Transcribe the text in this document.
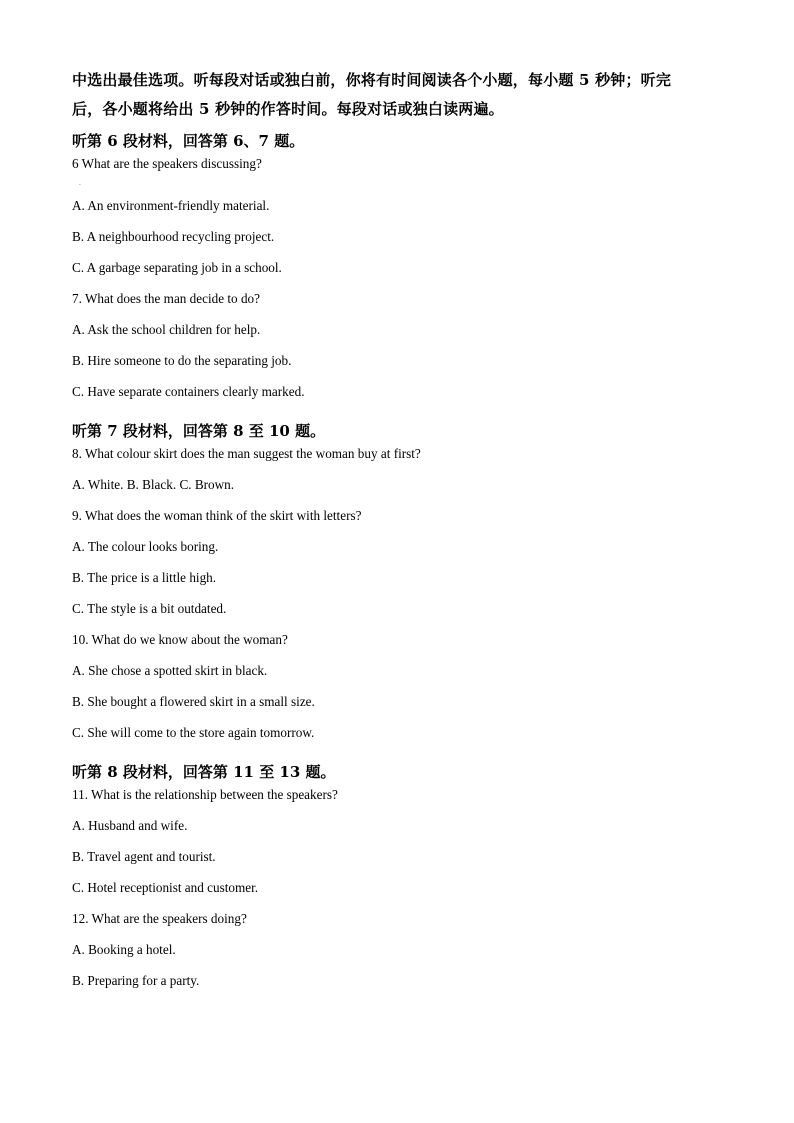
中选出最佳选项。听每段对话或独白前，你将有时间阅读各个小题，每小题 5 秒钟；听完

后，各小题将给出 5 秒钟的作答时间。每段对话或独白读两遍。

听第 6 段材料，回答第 6、7 题。
6 What are the speakers discussing?
A. An environment-friendly material.
B. A neighbourhood recycling project.
C. A garbage separating job in a school.
7. What does the man decide to do?
A. Ask the school children for help.
B. Hire someone to do the separating job.
C. Have separate containers clearly marked.
听第 7 段材料，回答第 8 至 10 题。
8. What colour skirt does the man suggest the woman buy at first?
A. White. B. Black. C. Brown.
9. What does the woman think of the skirt with letters?
A. The colour looks boring.
B. The price is a little high.
C. The style is a bit outdated.
10. What do we know about the woman?
A. She chose a spotted skirt in black.
B. She bought a flowered skirt in a small size.
C. She will come to the store again tomorrow.
听第 8 段材料，回答第 11 至 13 题。
11. What is the relationship between the speakers?
A. Husband and wife.
B. Travel agent and tourist.
C. Hotel receptionist and customer.
12. What are the speakers doing?
A. Booking a hotel.
B. Preparing for a party.
·
